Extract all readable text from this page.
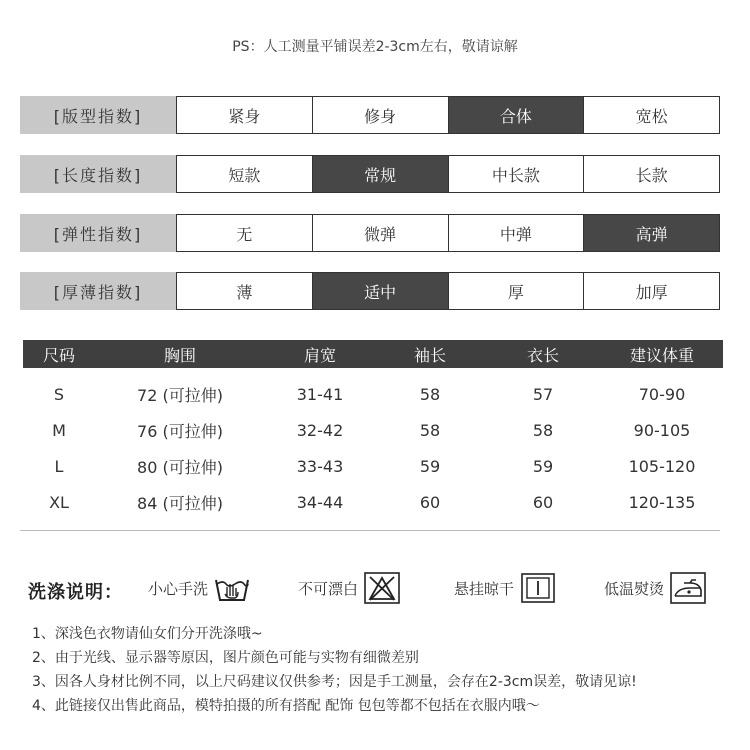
PS：人工测量平铺误差2-3cm左右，敬请谅解
[版型指数]	紧身	修身	合体	宽松
[长度指数]	短款	常规	中长款	长款
[弹性指数]	无	微弹	中弹	高弹
[厚薄指数]	薄	适中	厚	加厚
尺码	胸围	肩宽	袖长	衣长	建议体重
S	72 (可拉伸)	31-41	58	57	70-90
M	76 (可拉伸)	32-42	58	58	90-105
L	80 (可拉伸)	33-43	59	59	105-120
XL	84 (可拉伸)	34-44	60	60	120-135
洗涤说明： 小心手洗	不可漂白	悬挂晾干	低温熨烫
1、深浅色衣物请仙女们分开洗涤哦~
2、由于光线、显示器等原因，图片颜色可能与实物有细微差别
3、因各人身材比例不同，以上尺码建议仅供参考；因是手工测量，会存在2-3cm误差，敬请见谅!
4、此链接仅出售此商品，模特拍摄的所有搭配 配饰 包包等都不包括在衣服内哦～
